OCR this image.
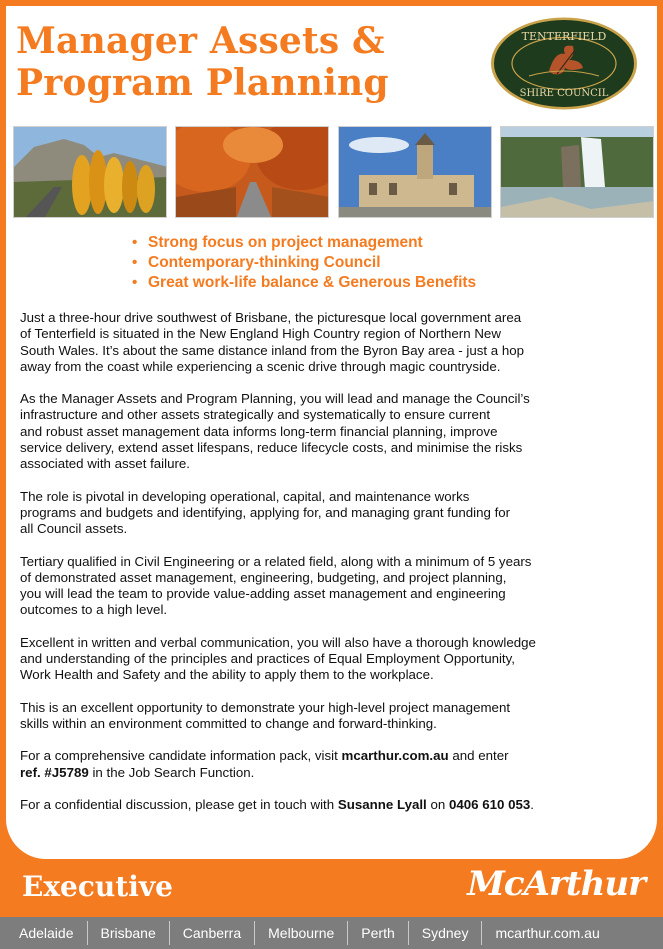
Manager Assets &
Program Planning
TENTERFIELD
SHIRE COUNCIL
• Strong focus on project management
• Contemporary-thinking Council
• Great work-life balance & Generous Benefits

Just a three-hour drive southwest of Brisbane, the picturesque local government area
of Tenterfield is situated in the New England High Country region of Northern New
South Wales. It’s about the same distance inland from the Byron Bay area - just a hop
away from the coast while experiencing a scenic drive through magic countryside.

As the Manager Assets and Program Planning, you will lead and manage the Council’s
infrastructure and other assets strategically and systematically to ensure current
and robust asset management data informs long-term financial planning, improve
service delivery, extend asset lifespans, reduce lifecycle costs, and minimise the risks
associated with asset failure.

The role is pivotal in developing operational, capital, and maintenance works
programs and budgets and identifying, applying for, and managing grant funding for
all Council assets.

Tertiary qualified in Civil Engineering or a related field, along with a minimum of 5 years
of demonstrated asset management, engineering, budgeting, and project planning,
you will lead the team to provide value-adding asset management and engineering
outcomes to a high level.

Excellent in written and verbal communication, you will also have a thorough knowledge
and understanding of the principles and practices of Equal Employment Opportunity,
Work Health and Safety and the ability to apply them to the workplace.

This is an excellent opportunity to demonstrate your high-level project management
skills within an environment committed to change and forward-thinking.

For a comprehensive candidate information pack, visit mcarthur.com.au and enter
ref. #J5789 in the Job Search Function.

For a confidential discussion, please get in touch with Susanne Lyall on 0406 610 053.

Executive	McArthur
Adelaide	Brisbane	Canberra	Melbourne	Perth	Sydney	mcarthur.com.au
